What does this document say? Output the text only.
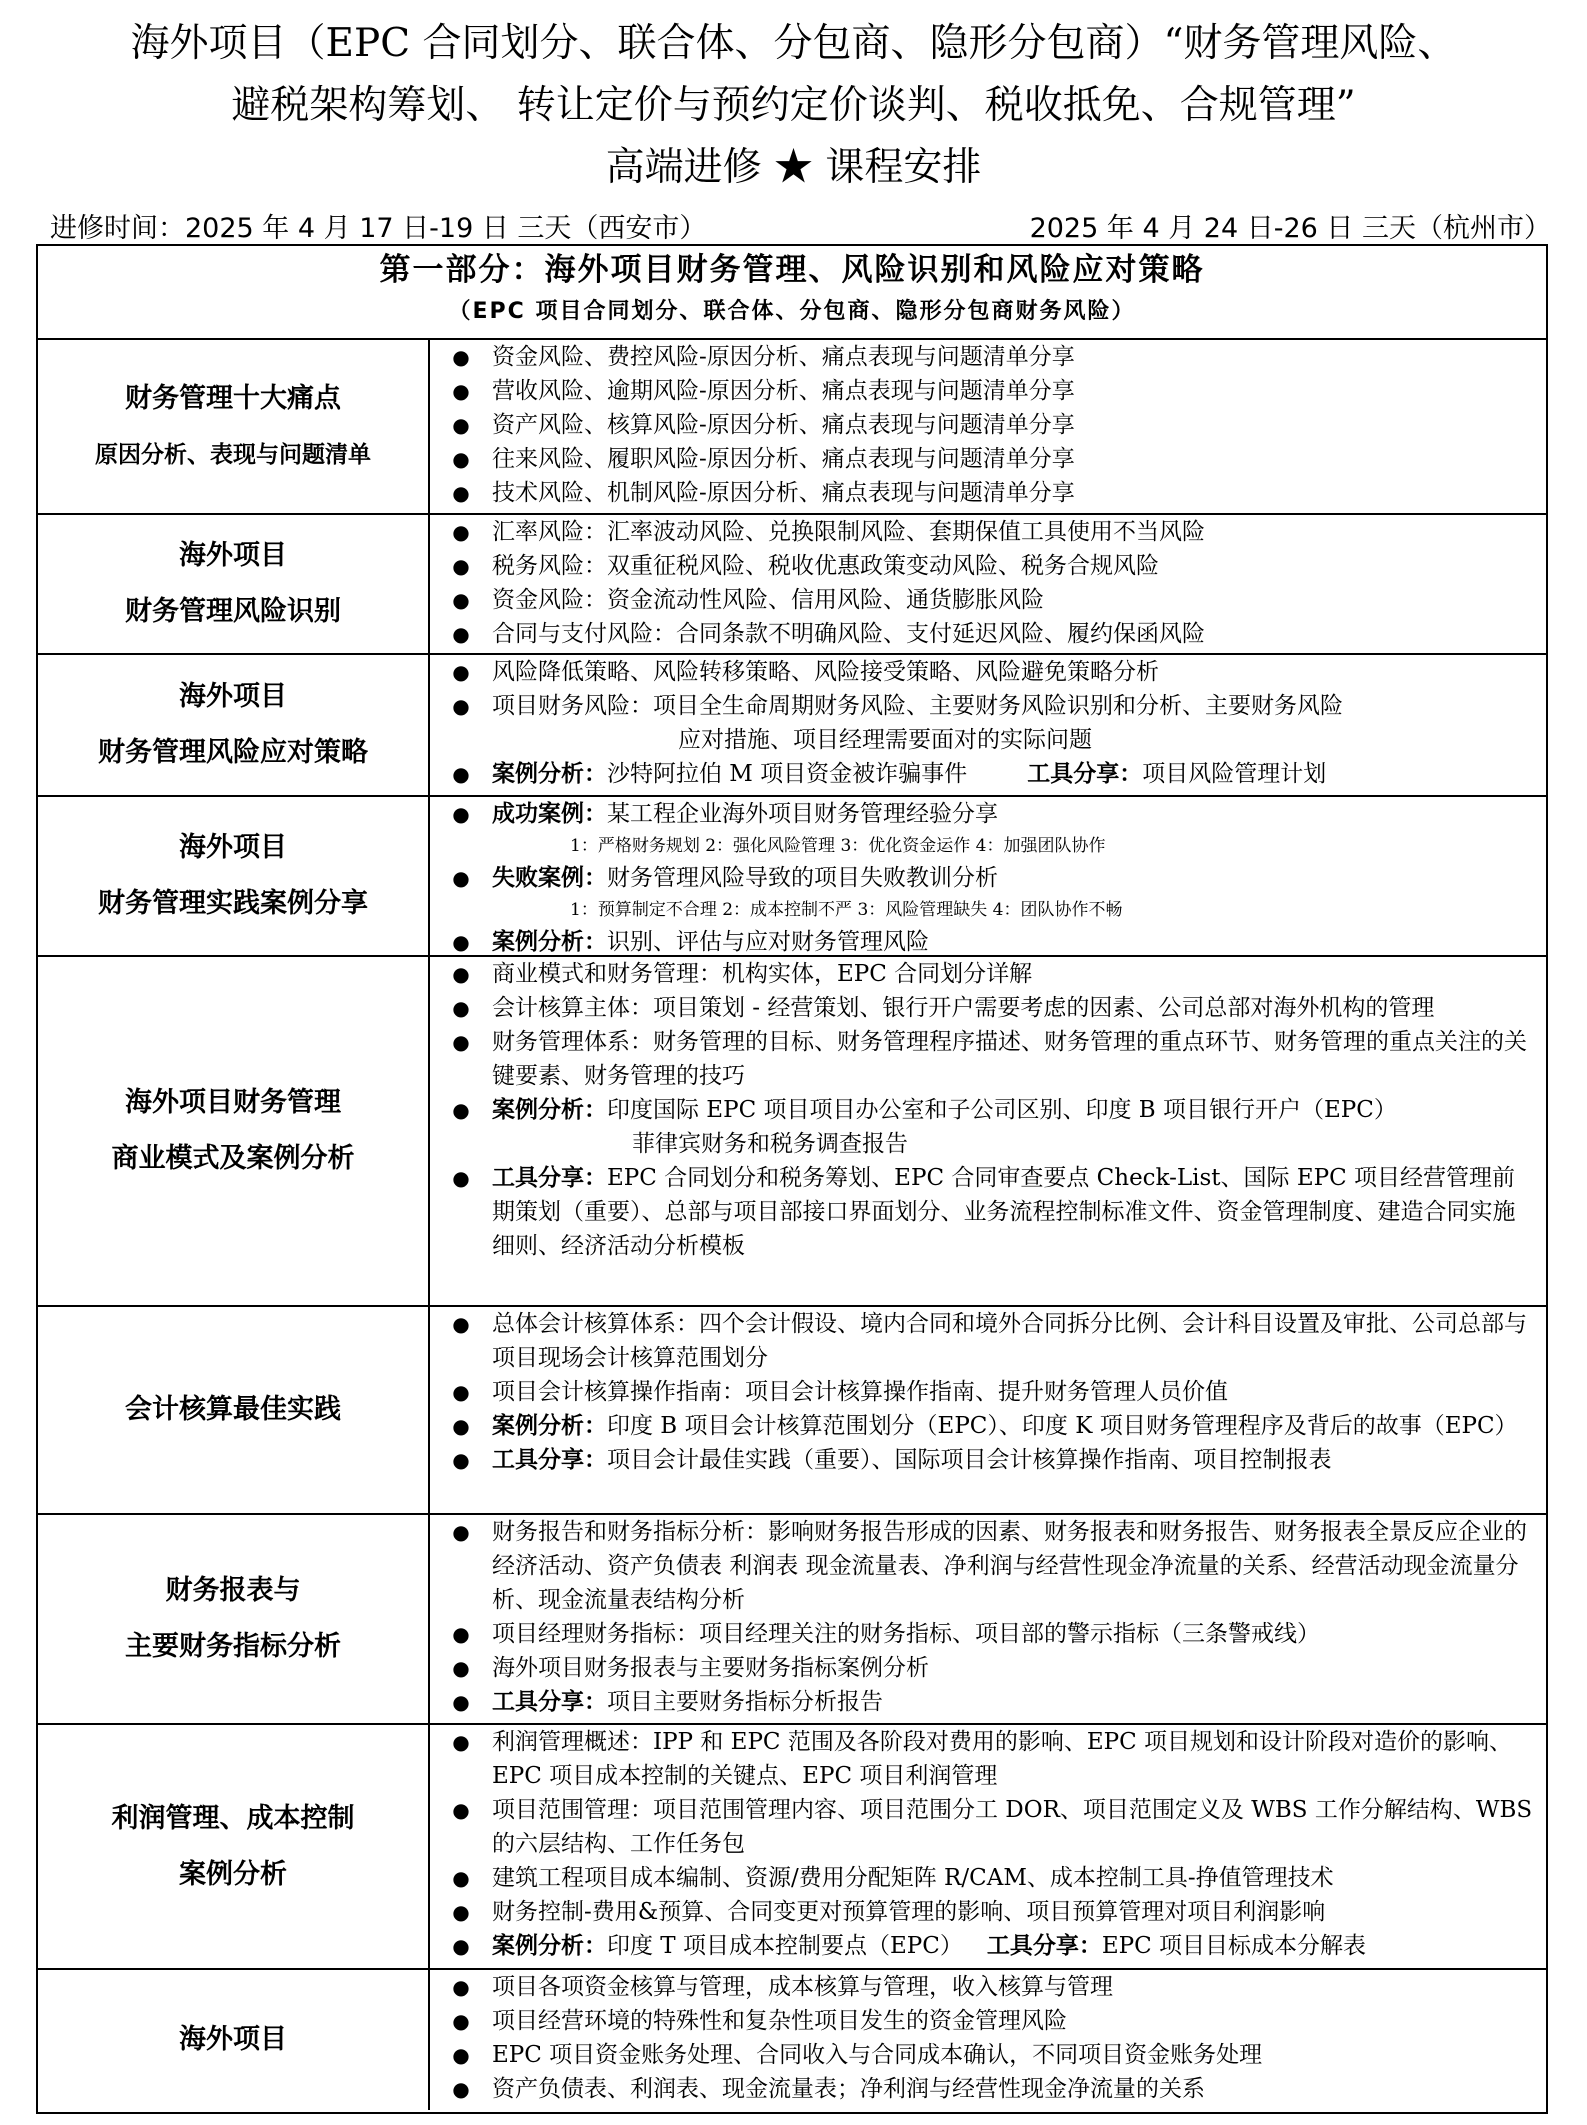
海外项目（EPC 合同划分、联合体、分包商、隐形分包商）“财务管理风险、
避税架构筹划、 转让定价与预约定价谈判、税收抵免、合规管理”
高端进修 ★ 课程安排
进修时间：2025 年 4 月 17 日-19 日 三天（西安市）	2025 年 4 月 24 日-26 日 三天（杭州市）
第一部分：海外项目财务管理、风险识别和风险应对策略
（EPC 项目合同划分、联合体、分包商、隐形分包商财务风险）
财务管理十大痛点
原因分析、表现与问题清单
● 资金风险、费控风险-原因分析、痛点表现与问题清单分享
● 营收风险、逾期风险-原因分析、痛点表现与问题清单分享
● 资产风险、核算风险-原因分析、痛点表现与问题清单分享
● 往来风险、履职风险-原因分析、痛点表现与问题清单分享
● 技术风险、机制风险-原因分析、痛点表现与问题清单分享
海外项目
财务管理风险识别
● 汇率风险：汇率波动风险、兑换限制风险、套期保值工具使用不当风险
● 税务风险：双重征税风险、税收优惠政策变动风险、税务合规风险
● 资金风险：资金流动性风险、信用风险、通货膨胀风险
● 合同与支付风险：合同条款不明确风险、支付延迟风险、履约保函风险
海外项目
财务管理风险应对策略
● 风险降低策略、风险转移策略、风险接受策略、风险避免策略分析
● 项目财务风险：项目全生命周期财务风险、主要财务风险识别和分析、主要财务风险
应对措施、项目经理需要面对的实际问题
● 案例分析：沙特阿拉伯 M 项目资金被诈骗事件	工具分享：项目风险管理计划
海外项目
财务管理实践案例分享
● 成功案例：某工程企业海外项目财务管理经验分享
1：严格财务规划 2：强化风险管理 3：优化资金运作 4：加强团队协作
● 失败案例：财务管理风险导致的项目失败教训分析
1：预算制定不合理 2：成本控制不严 3：风险管理缺失 4：团队协作不畅
● 案例分析：识别、评估与应对财务管理风险
海外项目财务管理
商业模式及案例分析
● 商业模式和财务管理：机构实体，EPC 合同划分详解
● 会计核算主体：项目策划 - 经营策划、银行开户需要考虑的因素、公司总部对海外机构的管理
● 财务管理体系：财务管理的目标、财务管理程序描述、财务管理的重点环节、财务管理的重点关注的关键要素、财务管理的技巧
● 案例分析：印度国际 EPC 项目项目办公室和子公司区别、印度 B 项目银行开户（EPC）
菲律宾财务和税务调查报告
● 工具分享：EPC 合同划分和税务筹划、EPC 合同审查要点 Check-List、国际 EPC 项目经营管理前期策划（重要）、总部与项目部接口界面划分、业务流程控制标准文件、资金管理制度、建造合同实施细则、经济活动分析模板
会计核算最佳实践
● 总体会计核算体系：四个会计假设、境内合同和境外合同拆分比例、会计科目设置及审批、公司总部与项目现场会计核算范围划分
● 项目会计核算操作指南：项目会计核算操作指南、提升财务管理人员价值
● 案例分析：印度 B 项目会计核算范围划分（EPC）、印度 K 项目财务管理程序及背后的故事（EPC）
● 工具分享：项目会计最佳实践（重要）、国际项目会计核算操作指南、项目控制报表
财务报表与
主要财务指标分析
● 财务报告和财务指标分析：影响财务报告形成的因素、财务报表和财务报告、财务报表全景反应企业的经济活动、资产负债表 利润表 现金流量表、净利润与经营性现金净流量的关系、经营活动现金流量分析、现金流量表结构分析
● 项目经理财务指标：项目经理关注的财务指标、项目部的警示指标（三条警戒线）
● 海外项目财务报表与主要财务指标案例分析
● 工具分享：项目主要财务指标分析报告
利润管理、成本控制
案例分析
● 利润管理概述：IPP 和 EPC 范围及各阶段对费用的影响、EPC 项目规划和设计阶段对造价的影响、EPC 项目成本控制的关键点、EPC 项目利润管理
● 项目范围管理：项目范围管理内容、项目范围分工 DOR、项目范围定义及 WBS 工作分解结构、WBS 的六层结构、工作任务包
● 建筑工程项目成本编制、资源/费用分配矩阵 R/CAM、成本控制工具-挣值管理技术
● 财务控制-费用&预算、合同变更对预算管理的影响、项目预算管理对项目利润影响
● 案例分析：印度 T 项目成本控制要点（EPC） 工具分享：EPC 项目目标成本分解表
海外项目
● 项目各项资金核算与管理，成本核算与管理，收入核算与管理
● 项目经营环境的特殊性和复杂性项目发生的资金管理风险
● EPC 项目资金账务处理、合同收入与合同成本确认，不同项目资金账务处理
● 资产负债表、利润表、现金流量表；净利润与经营性现金净流量的关系
